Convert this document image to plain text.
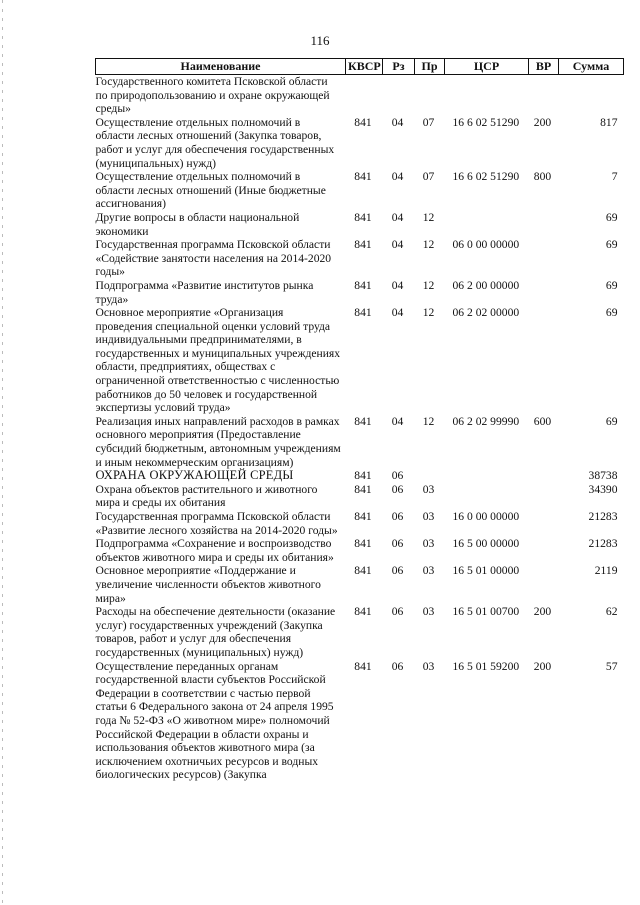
116
Наименование	КВСР	Рз	Пр	ЦСР	ВР	Сумма
Государственного комитета Псковской области по природопользованию и охране окружающей среды»						
Осуществление отдельных полномочий в области лесных отношений (Закупка товаров, работ и услуг для обеспечения государственных (муниципальных) нужд)	841	04	07	16 6 02 51290	200	817
Осуществление отдельных полномочий в области лесных отношений (Иные бюджетные ассигнования)	841	04	07	16 6 02 51290	800	7
Другие вопросы в области национальной экономики	841	04	12			69
Государственная программа Псковской области «Содействие занятости населения на 2014-2020 годы»	841	04	12	06 0 00 00000		69
Подпрограмма «Развитие институтов рынка труда»	841	04	12	06 2 00 00000		69
Основное мероприятие «Организация проведения специальной оценки условий труда индивидуальными предпринимателями, в государственных и муниципальных учреждениях области, предприятиях, обществах с ограниченной ответственностью с численностью работников до 50 человек и государственной экспертизы условий труда»	841	04	12	06 2 02 00000		69
Реализация иных направлений расходов в рамках основного мероприятия (Предоставление субсидий бюджетным, автономным учреждениям и иным некоммерческим организациям)	841	04	12	06 2 02 99990	600	69
ОХРАНА ОКРУЖАЮЩЕЙ СРЕДЫ	841	06				38738
Охрана объектов растительного и животного мира и среды их обитания	841	06	03			34390
Государственная программа Псковской области «Развитие лесного хозяйства на 2014-2020 годы»	841	06	03	16 0 00 00000		21283
Подпрограмма «Сохранение и воспроизводство объектов животного мира и среды их обитания»	841	06	03	16 5 00 00000		21283
Основное мероприятие «Поддержание и увеличение численности объектов животного мира»	841	06	03	16 5 01 00000		2119
Расходы на обеспечение деятельности (оказание услуг) государственных учреждений (Закупка товаров, работ и услуг для обеспечения государственных (муниципальных) нужд)	841	06	03	16 5 01 00700	200	62
Осуществление переданных органам государственной власти субъектов Российской Федерации в соответствии с частью первой статьи 6 Федерального закона от 24 апреля 1995 года № 52-ФЗ «О животном мире» полномочий Российской Федерации в области охраны и использования объектов животного мира (за исключением охотничьих ресурсов и водных биологических ресурсов) (Закупка	841	06	03	16 5 01 59200	200	57
